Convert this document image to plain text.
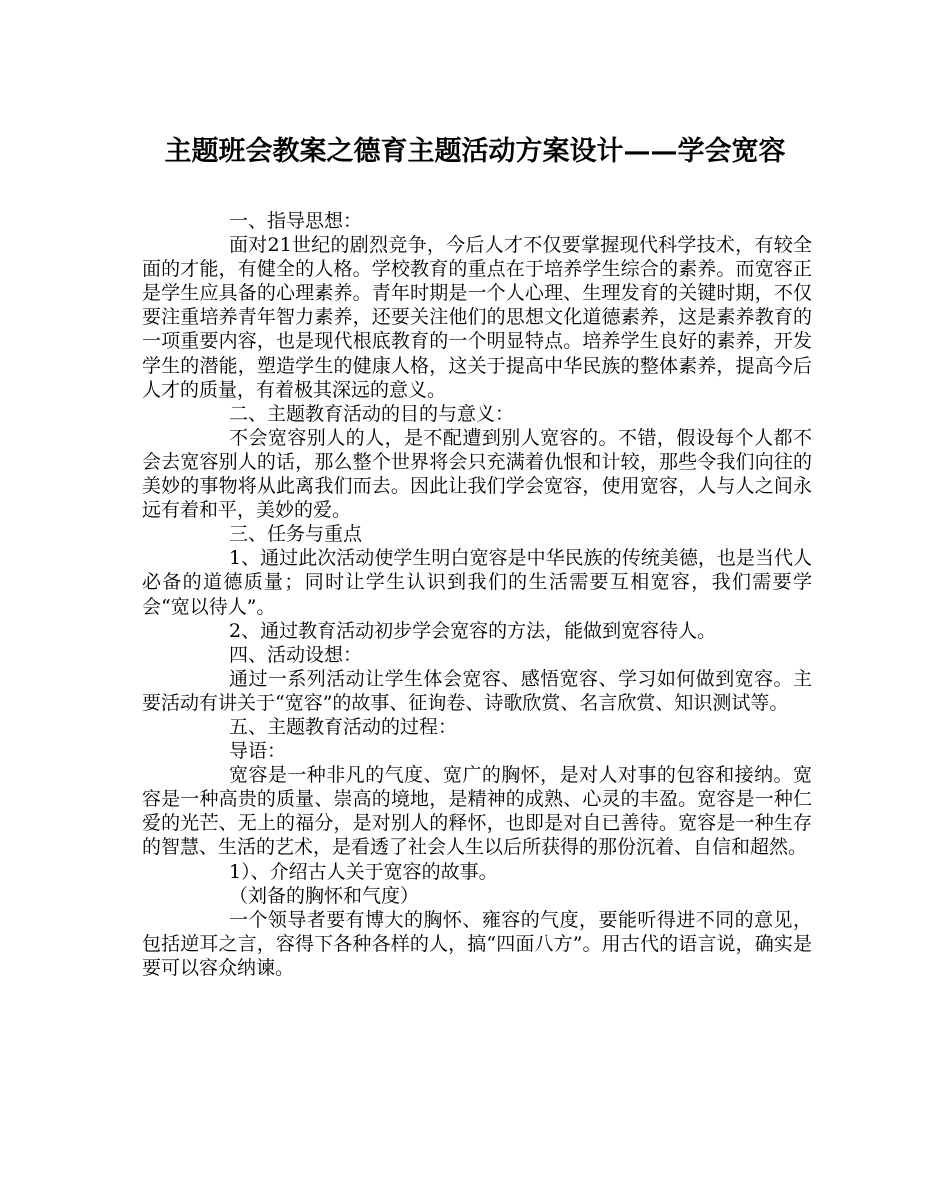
主题班会教案之德育主题活动方案设计——学会宽容
一、指导思想：
面对21世纪的剧烈竞争，今后人才不仅要掌握现代科学技术，有较全面的才能，有健全的人格。学校教育的重点在于培养学生综合的素养。而宽容正是学生应具备的心理素养。青年时期是一个人心理、生理发育的关键时期，不仅要注重培养青年智力素养，还要关注他们的思想文化道德素养，这是素养教育的一项重要内容，也是现代根底教育的一个明显特点。培养学生良好的素养，开发学生的潜能，塑造学生的健康人格，这关于提高中华民族的整体素养，提高今后人才的质量，有着极其深远的意义。
二、主题教育活动的目的与意义：
不会宽容别人的人，是不配遭到别人宽容的。不错，假设每个人都不会去宽容别人的话，那么整个世界将会只充满着仇恨和计较，那些令我们向往的美妙的事物将从此离我们而去。因此让我们学会宽容，使用宽容，人与人之间永远有着和平，美妙的爱。
三、任务与重点
1、通过此次活动使学生明白宽容是中华民族的传统美德，也是当代人必备的道德质量；同时让学生认识到我们的生活需要互相宽容，我们需要学会“宽以待人”。
2、通过教育活动初步学会宽容的方法，能做到宽容待人。
四、活动设想：
通过一系列活动让学生体会宽容、感悟宽容、学习如何做到宽容。主要活动有讲关于“宽容”的故事、征询卷、诗歌欣赏、名言欣赏、知识测试等。
五、主题教育活动的过程：
导语：
宽容是一种非凡的气度、宽广的胸怀，是对人对事的包容和接纳。宽容是一种高贵的质量、崇高的境地，是精神的成熟、心灵的丰盈。宽容是一种仁爱的光芒、无上的福分，是对别人的释怀，也即是对自已善待。宽容是一种生存的智慧、生活的艺术，是看透了社会人生以后所获得的那份沉着、自信和超然。
1）、介绍古人关于宽容的故事。
（刘备的胸怀和气度）
一个领导者要有博大的胸怀、雍容的气度，要能听得进不同的意见，包括逆耳之言，容得下各种各样的人，搞“四面八方”。用古代的语言说，确实是要可以容众纳谏。
